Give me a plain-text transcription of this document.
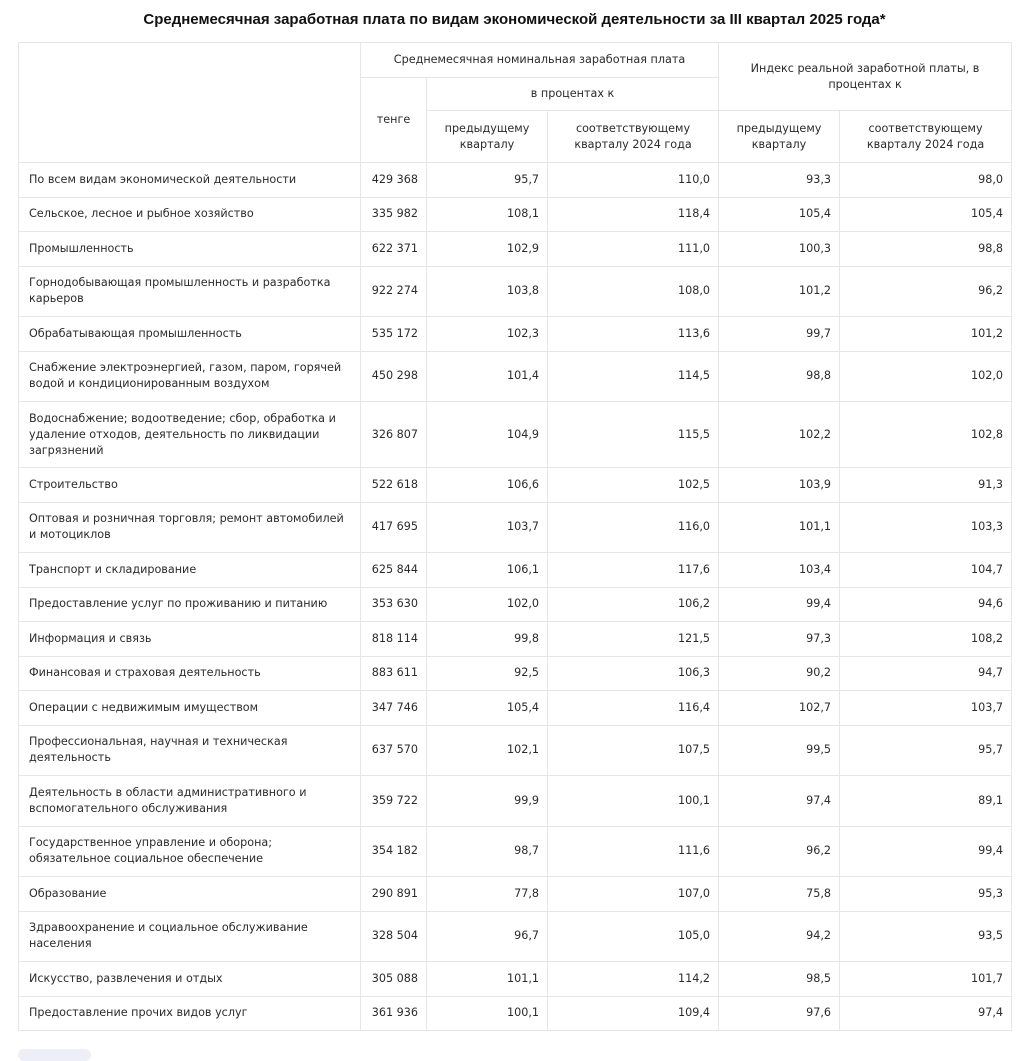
Среднемесячная заработная плата по видам экономической деятельности за III квартал 2025 года*
	Среднемесячная номинальная заработная плата			Индекс реальной заработной платы, в процентах к	
	тенге	в процентах к			
		предыдущему кварталу	соответствующему кварталу 2024 года	предыдущему кварталу	соответствующему кварталу 2024 года
По всем видам экономической деятельности	429 368	95,7	110,0	93,3	98,0
Сельское, лесное и рыбное хозяйство	335 982	108,1	118,4	105,4	105,4
Промышленность	622 371	102,9	111,0	100,3	98,8
Горнодобывающая промышленность и разработка карьеров	922 274	103,8	108,0	101,2	96,2
Обрабатывающая промышленность	535 172	102,3	113,6	99,7	101,2
Снабжение электроэнергией, газом, паром, горячей водой и кондиционированным воздухом	450 298	101,4	114,5	98,8	102,0
Водоснабжение; водоотведение; сбор, обработка и удаление отходов, деятельность по ликвидации загрязнений	326 807	104,9	115,5	102,2	102,8
Строительство	522 618	106,6	102,5	103,9	91,3
Оптовая и розничная торговля; ремонт автомобилей и мотоциклов	417 695	103,7	116,0	101,1	103,3
Транспорт и складирование	625 844	106,1	117,6	103,4	104,7
Предоставление услуг по проживанию и питанию	353 630	102,0	106,2	99,4	94,6
Информация и связь	818 114	99,8	121,5	97,3	108,2
Финансовая и страховая деятельность	883 611	92,5	106,3	90,2	94,7
Операции с недвижимым имуществом	347 746	105,4	116,4	102,7	103,7
Профессиональная, научная и техническая деятельность	637 570	102,1	107,5	99,5	95,7
Деятельность в области административного и вспомогательного обслуживания	359 722	99,9	100,1	97,4	89,1
Государственное управление и оборона; обязательное социальное обеспечение	354 182	98,7	111,6	96,2	99,4
Образование	290 891	77,8	107,0	75,8	95,3
Здравоохранение и социальное обслуживание населения	328 504	96,7	105,0	94,2	93,5
Искусство, развлечения и отдых	305 088	101,1	114,2	98,5	101,7
Предоставление прочих видов услуг	361 936	100,1	109,4	97,6	97,4
